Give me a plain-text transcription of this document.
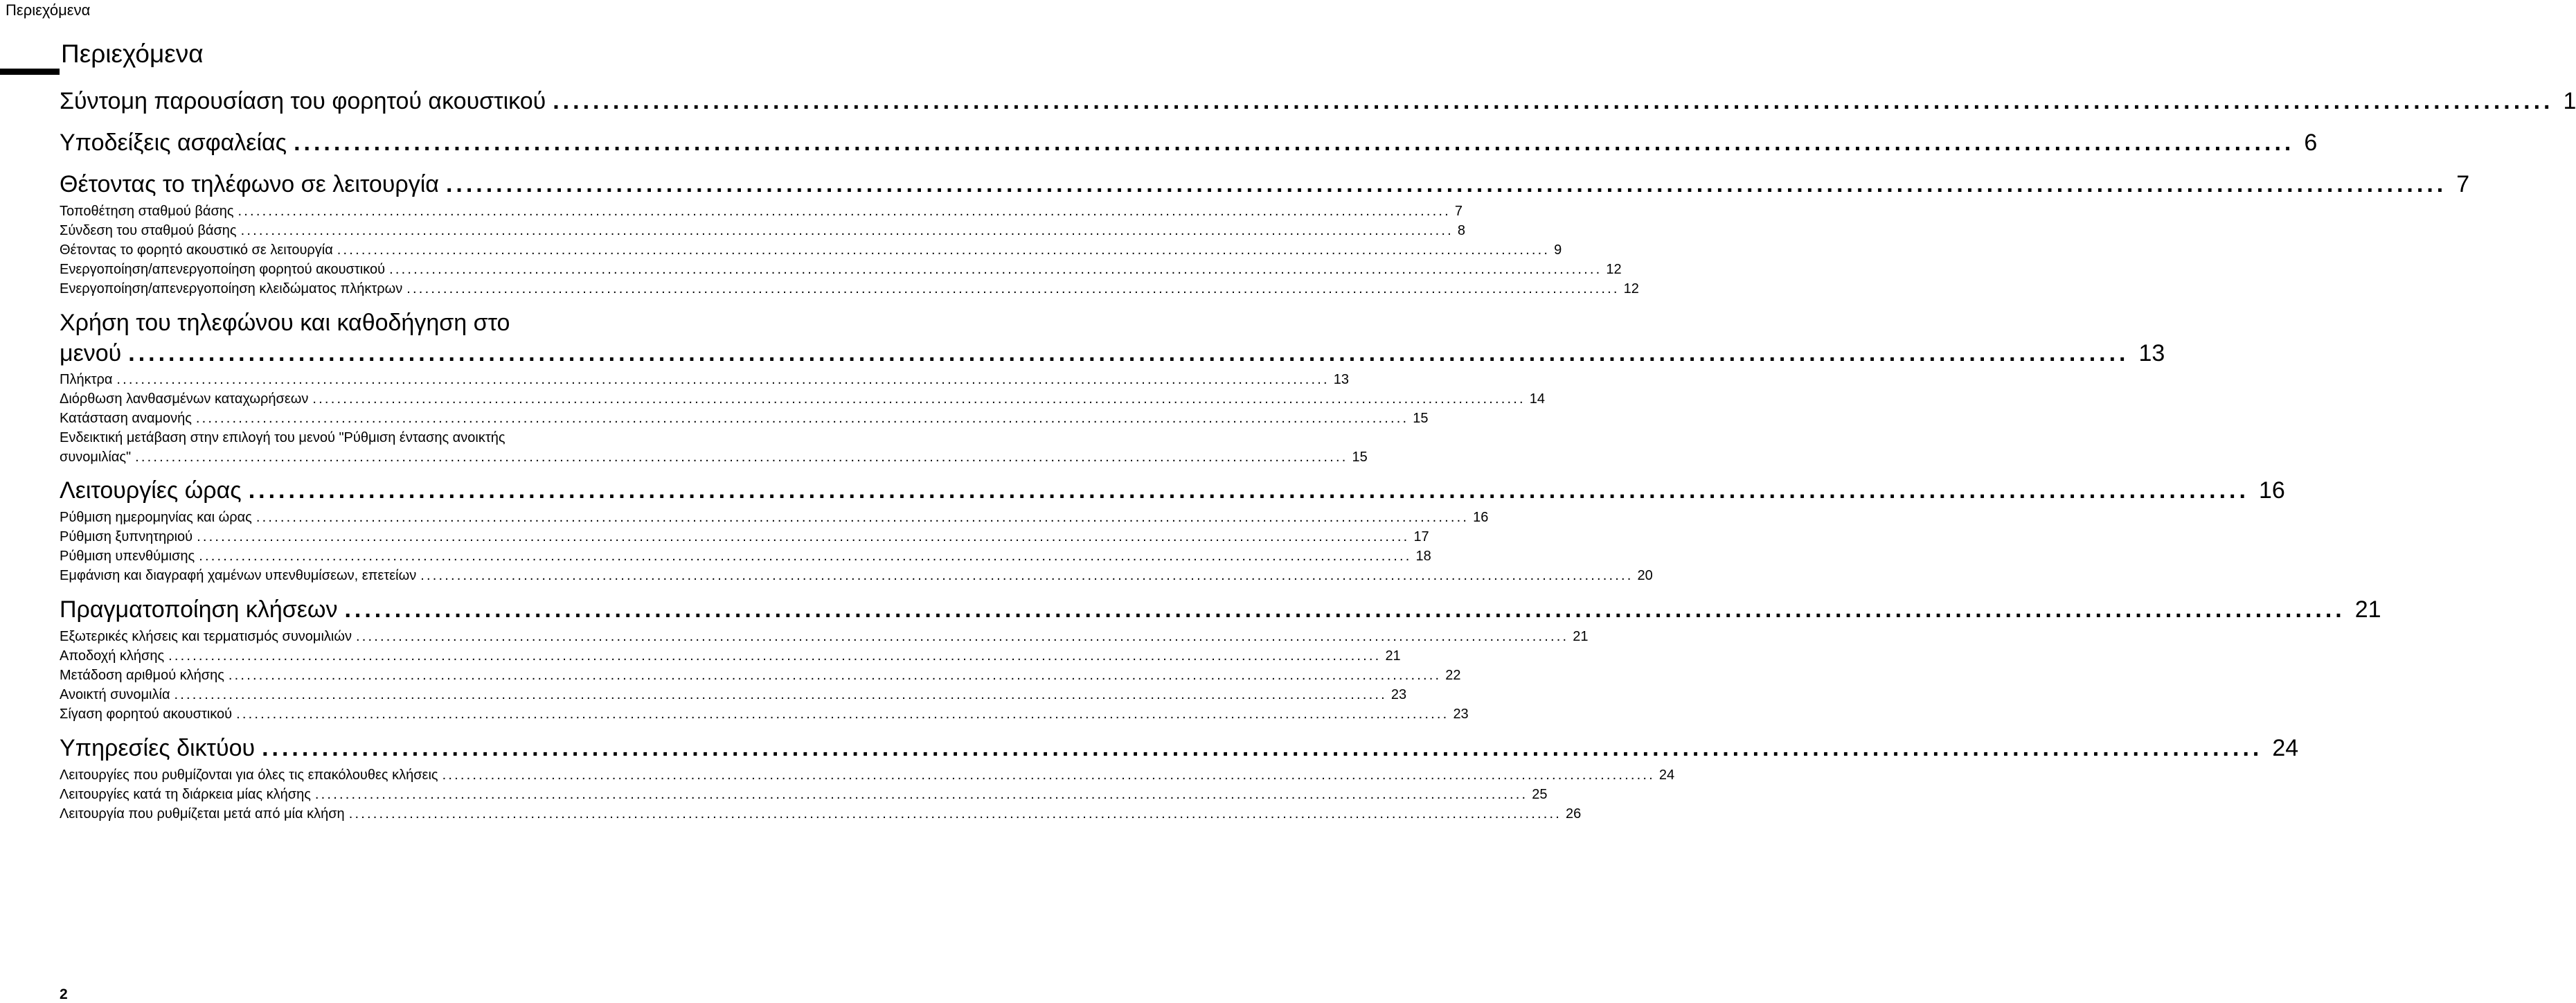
Περιεχόμενα
Περιεχόμενα
Σύντομη παρουσίαση του φορητού ακουστικού ........................................................................................................................................................................................................ 1
Υποδείξεις ασφαλείας ........................................................................................................................................................................................................ 6
Θέτοντας το τηλέφωνο σε λειτουργία ........................................................................................................................................................................................................ 7
Τοποθέτηση σταθμού βάσης ........................................................................................................................................................................................................ 7
Σύνδεση του σταθμού βάσης ........................................................................................................................................................................................................ 8
Θέτοντας το φορητό ακουστικό σε λειτουργία ........................................................................................................................................................................................................ 9
Ενεργοποίηση/απενεργοποίηση φορητού ακουστικού ........................................................................................................................................................................................................ 12
Ενεργοποίηση/απενεργοποίηση κλειδώματος πλήκτρων ........................................................................................................................................................................................................ 12
Χρήση του τηλεφώνου και καθοδήγηση στο
μενού ........................................................................................................................................................................................................ 13
Πλήκτρα ........................................................................................................................................................................................................ 13
Διόρθωση λανθασμένων καταχωρήσεων ........................................................................................................................................................................................................ 14
Κατάσταση αναμονής ........................................................................................................................................................................................................ 15
Ενδεικτική μετάβαση στην επιλογή του μενού "Ρύθμιση έντασης ανοικτής
συνομιλίας" ........................................................................................................................................................................................................ 15
Λειτουργίες ώρας ........................................................................................................................................................................................................ 16
Ρύθμιση ημερομηνίας και ώρας ........................................................................................................................................................................................................ 16
Ρύθμιση ξυπνητηριού ........................................................................................................................................................................................................ 17
Ρύθμιση υπενθύμισης ........................................................................................................................................................................................................ 18
Εμφάνιση και διαγραφή χαμένων υπενθυμίσεων, επετείων ........................................................................................................................................................................................................ 20
Πραγματοποίηση κλήσεων ........................................................................................................................................................................................................ 21
Εξωτερικές κλήσεις και τερματισμός συνομιλιών ........................................................................................................................................................................................................ 21
Αποδοχή κλήσης ........................................................................................................................................................................................................ 21
Μετάδοση αριθμού κλήσης ........................................................................................................................................................................................................ 22
Ανοικτή συνομιλία ........................................................................................................................................................................................................ 23
Σίγαση φορητού ακουστικού ........................................................................................................................................................................................................ 23
Υπηρεσίες δικτύου ........................................................................................................................................................................................................ 24
Λειτουργίες που ρυθμίζονται για όλες τις επακόλουθες κλήσεις ........................................................................................................................................................................................................ 24
Λειτουργίες κατά τη διάρκεια μίας κλήσης ........................................................................................................................................................................................................ 25
Λειτουργία που ρυθμίζεται μετά από μία κλήση ........................................................................................................................................................................................................ 26
2
